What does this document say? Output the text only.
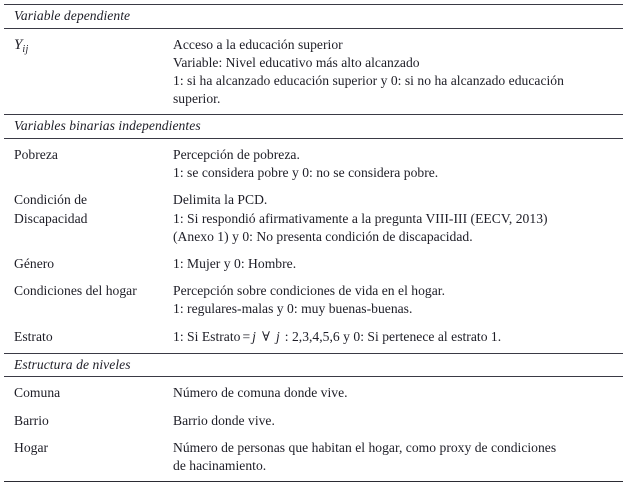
Variable dependiente	
$Y_{ij}$	Acceso a la educación superior
Variable: Nivel educativo más alto alcanzado
1: si ha alcanzado educación superior y 0: si no ha alcanzado educación
superior.

Variables binarias independientes	
Pobreza	Percepción de pobreza.
1: se considera pobre y 0: no se considera pobre.

Condición de Discapacidad	Delimita la PCD.
1: Si respondió afirmativamente a la pregunta VIII-III (EECV, 2013)
(Anexo 1) y 0: No presenta condición de discapacidad.

Género	1: Mujer y 0: Hombre.

Condiciones del hogar	Percepción sobre condiciones de vida en el hogar.
1: regulares-malas y 0: muy buenas-buenas.

Estrato	1: Si Estrato = j ∀ j : 2,3,4,5,6 y 0: Si pertenece al estrato 1.

Estructura de niveles	
Comuna	Número de comuna donde vive.

Barrio	Barrio donde vive.

Hogar	Número de personas que habitan el hogar, como proxy de condiciones
de hacinamiento.
